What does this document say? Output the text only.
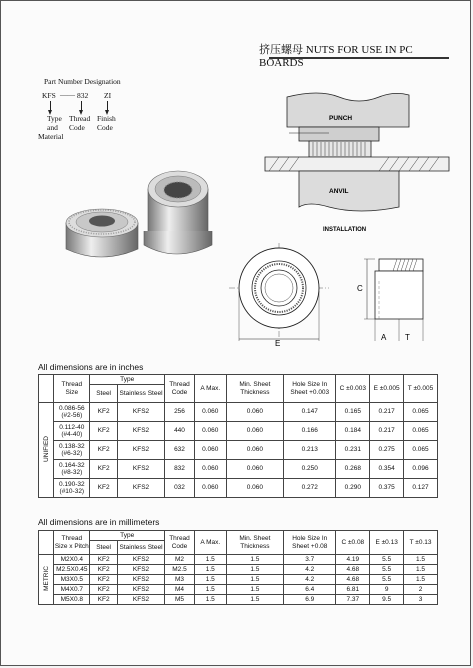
挤压螺母 NUTS FOR USE IN PC BOARDS
Part Number Designation
KFS —— 832 ZI
Type
and
Material
Thread
Code
Finish
Code
PUNCH
ANVIL
INSTALLATION
E
C
A T
All dimensions are in inches
	Thread Size	Type		Thread Code	A Max.	Min. Sheet Thickness	Hole Size In Sheet +0.003	C ±0.003	E ±0.005	T ±0.005
		Steel	Stainless Steel							
UNIFIED	0.086-56 (#2-56)	KF2	KFS2	256	0.060	0.060	0.147	0.165	0.217	0.065
	0.112-40 (#4-40)	KF2	KFS2	440	0.060	0.060	0.166	0.184	0.217	0.065
	0.138-32 (#6-32)	KF2	KFS2	632	0.060	0.060	0.213	0.231	0.275	0.065
	0.164-32 (#8-32)	KF2	KFS2	832	0.060	0.060	0.250	0.268	0.354	0.096
	0.190-32 (#10-32)	KF2	KFS2	032	0.060	0.060	0.272	0.290	0.375	0.127
All dimensions are in millimeters
	Thread Size x Pitch	Type		Thread Code	A Max.	Min. Sheet Thickness	Hole Size In Sheet +0.08	C ±0.08	E ±0.13	T ±0.13
		Steel	Stainless Steel							
METRIC	M2X0.4	KF2	KFS2	M2	1.5	1.5	3.7	4.19	5.5	1.5
	M2.5X0.45	KF2	KFS2	M2.5	1.5	1.5	4.2	4.68	5.5	1.5
	M3X0.5	KF2	KFS2	M3	1.5	1.5	4.2	4.68	5.5	1.5
	M4X0.7	KF2	KFS2	M4	1.5	1.5	6.4	6.81	9	2
	M5X0.8	KF2	KFS2	M5	1.5	1.5	6.9	7.37	9.5	3
